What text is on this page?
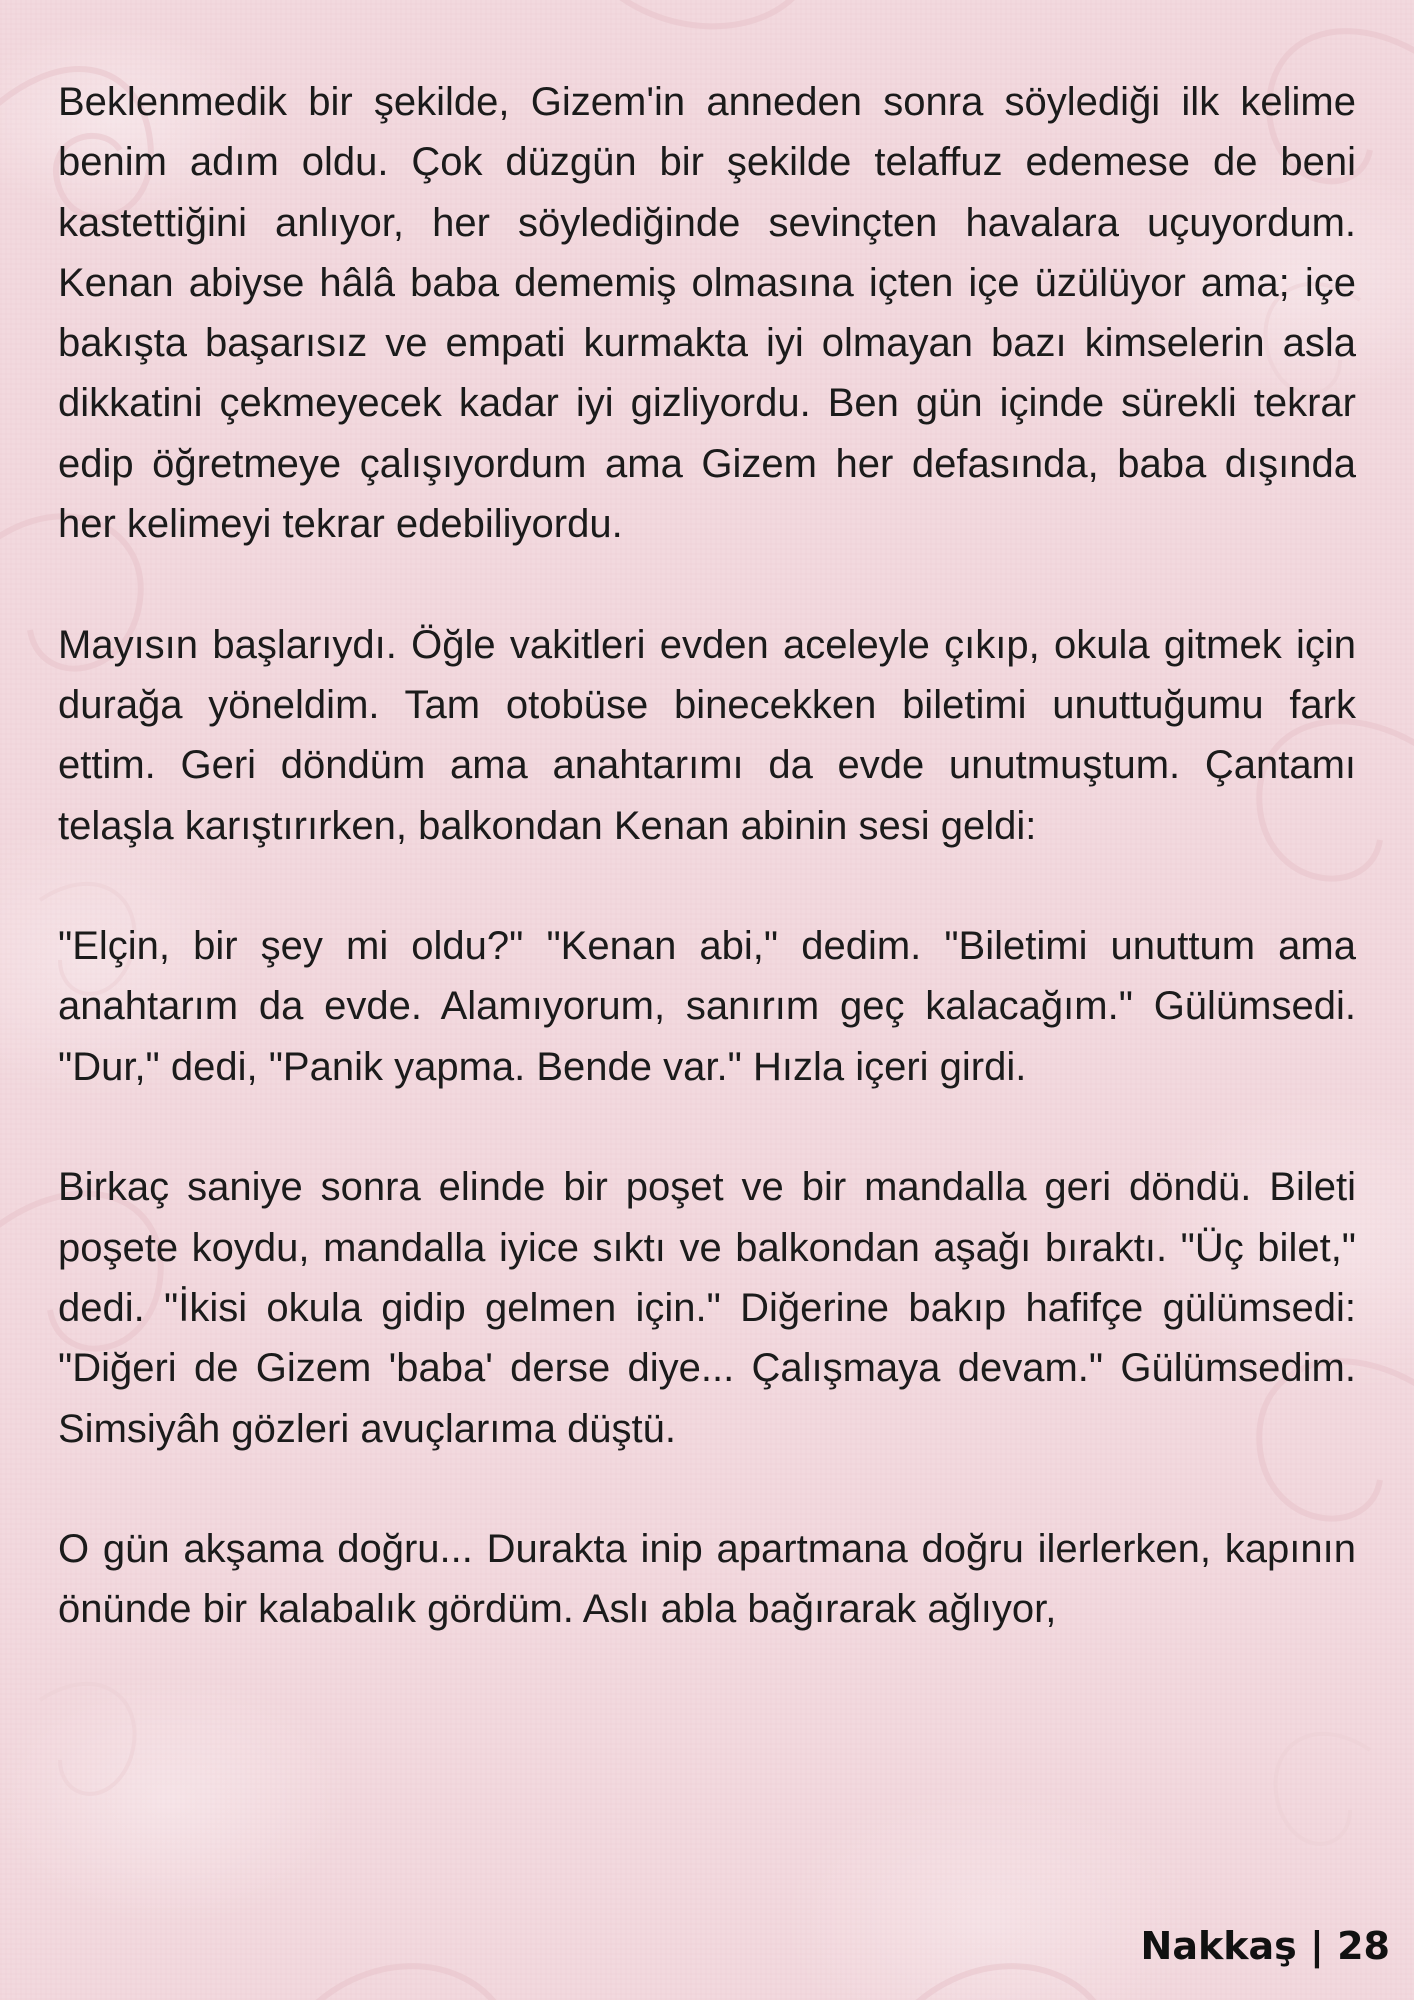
Beklenmedik bir şekilde, Gizem'in anneden sonra söylediği ilk kelime benim adım oldu. Çok düzgün bir şekilde telaffuz edemese de beni kastettiğini anlıyor, her söylediğinde sevinçten havalara uçuyordum. Kenan abiyse hâlâ baba dememiş olmasına içten içe üzülüyor ama; içe bakışta başarısız ve empati kurmakta iyi olmayan bazı kimselerin asla dikkatini çekmeyecek kadar iyi gizliyordu. Ben gün içinde sürekli tekrar edip öğretmeye çalışıyordum ama Gizem her defasında, baba dışında her kelimeyi tekrar edebiliyordu.

Mayısın başlarıydı. Öğle vakitleri evden aceleyle çıkıp, okula gitmek için durağa yöneldim. Tam otobüse binecekken biletimi unuttuğumu fark ettim. Geri döndüm ama anahtarımı da evde unutmuştum. Çantamı telaşla karıştırırken, balkondan Kenan abinin sesi geldi:

"Elçin, bir şey mi oldu?" "Kenan abi," dedim. "Biletimi unuttum ama anahtarım da evde. Alamıyorum, sanırım geç kalacağım." Gülümsedi. "Dur," dedi, "Panik yapma. Bende var." Hızla içeri girdi.

Birkaç saniye sonra elinde bir poşet ve bir mandalla geri döndü. Bileti poşete koydu, mandalla iyice sıktı ve balkondan aşağı bıraktı. "Üç bilet," dedi. "İkisi okula gidip gelmen için." Diğerine bakıp hafifçe gülümsedi: "Diğeri de Gizem 'baba' derse diye... Çalışmaya devam." Gülümsedim. Simsiyâh gözleri avuçlarıma düştü.

O gün akşama doğru... Durakta inip apartmana doğru ilerlerken, kapının önünde bir kalabalık gördüm. Aslı abla bağırarak ağlıyor,

Nakkaş | 28
